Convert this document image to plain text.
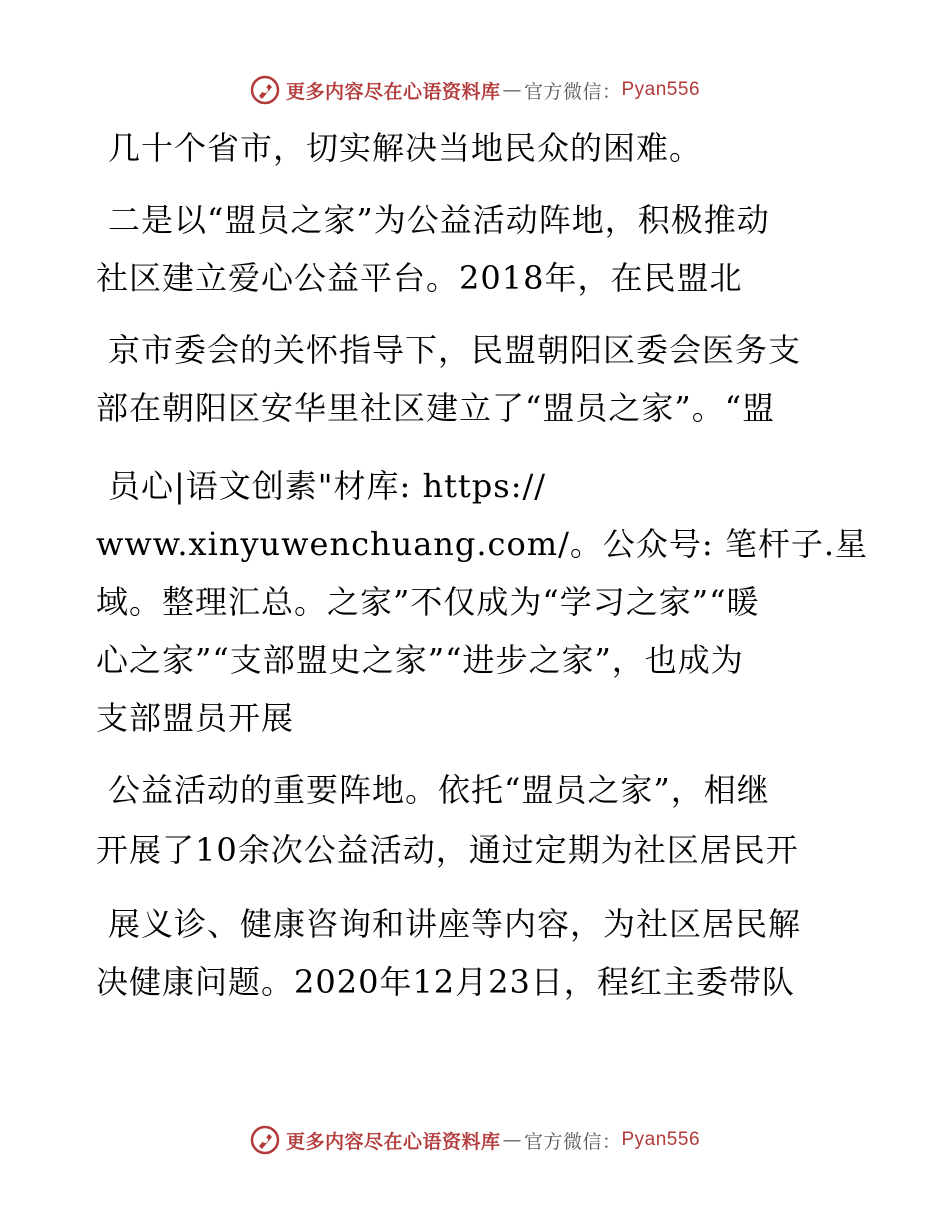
更多内容尽在心语资料库 — 官方微信： Pyan556
几十个省市，切实解决当地民众的困难。
二是以“盟员之家”为公益活动阵地，积极推动
社区建立爱心公益平台。2018年，在民盟北
京市委会的关怀指导下，民盟朝阳区委会医务支
部在朝阳区安华里社区建立了“盟员之家”。“盟
员心|语文创素"材库: https://
www.xinyuwenchuang.com/。公众号: 笔杆子.星
域。整理汇总。之家”不仅成为“学习之家”“暖
心之家”“支部盟史之家”“进步之家”，也成为
支部盟员开展
公益活动的重要阵地。依托“盟员之家”，相继
开展了10余次公益活动，通过定期为社区居民开
展义诊、健康咨询和讲座等内容，为社区居民解
决健康问题。2020年12月23日，程红主委带队
更多内容尽在心语资料库 — 官方微信： Pyan556
